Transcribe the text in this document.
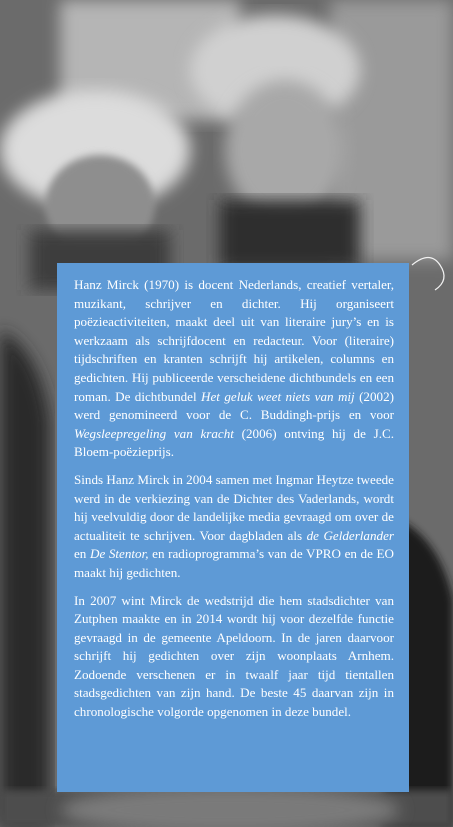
Hanz Mirck (1970) is docent Nederlands, creatief vertaler, muzikant, schrijver en dichter. Hij organiseert poëzieactiviteiten, maakt deel uit van literaire jury’s en is werkzaam als schrijfdocent en redacteur. Voor (literaire) tijdschriften en kranten schrijft hij artikelen, columns en gedichten. Hij publiceerde verscheidene dichtbundels en een roman. De dichtbundel Het geluk weet niets van mij (2002) werd genomineerd voor de C. Buddingh-prijs en voor Wegsleepregeling van kracht (2006) ontving hij de J.C. Bloem-poëzieprijs.

Sinds Hanz Mirck in 2004 samen met Ingmar Heytze tweede werd in de verkiezing van de Dichter des Vaderlands, wordt hij veelvuldig door de landelijke media gevraagd om over de actualiteit te schrijven. Voor dagbladen als de Gelderlander en De Stentor, en radioprogramma’s van de VPRO en de EO maakt hij gedichten.

In 2007 wint Mirck de wedstrijd die hem stadsdichter van Zutphen maakte en in 2014 wordt hij voor dezelfde functie gevraagd in de gemeente Apeldoorn. In de jaren daarvoor schrijft hij gedichten over zijn woonplaats Arnhem. Zodoende verschenen er in twaalf jaar tijd tientallen stadsgedichten van zijn hand. De beste 45 daarvan zijn in chronologische volgorde opgenomen in deze bundel.
